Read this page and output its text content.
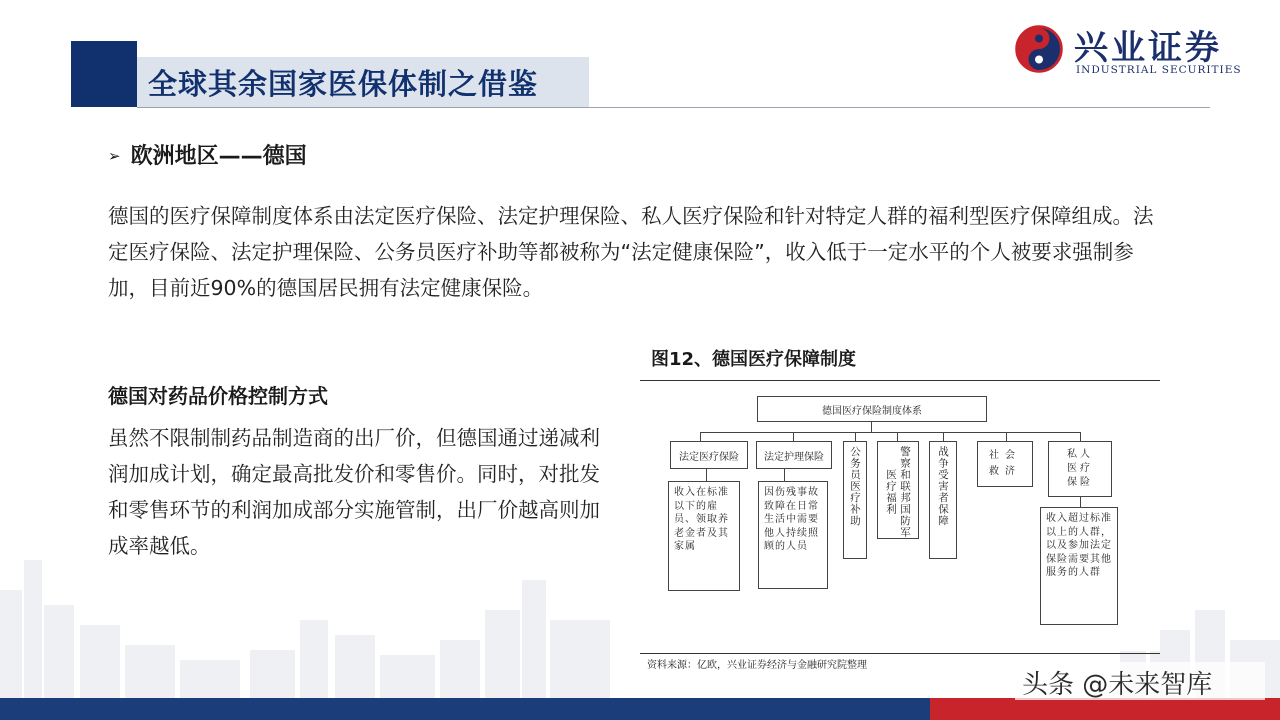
全球其余国家医保体制之借鉴
兴业证券
INDUSTRIAL SECURITIES
➢ 欧洲地区——德国
德国的医疗保障制度体系由法定医疗保险、法定护理保险、私人医疗保险和针对特定人群的福利型医疗保障组成。法定医疗保险、法定护理保险、公务员医疗补助等都被称为“法定健康保险”，收入低于一定水平的个人被要求强制参加，目前近90%的德国居民拥有法定健康保险。
德国对药品价格控制方式
虽然不限制制药品制造商的出厂价，但德国通过递减利润加成计划，确定最高批发价和零售价。同时，对批发和零售环节的利润加成部分实施管制，出厂价越高则加成率越低。
图12、德国医疗保障制度
德国医疗保险制度体系
法定医疗保险
收入在标准以下的雇员、领取养老金者及其家属
法定护理保险
因伤残事故致障在日常生活中需要他人持续照顾的人员
公务员医疗补助	警察和联邦国防军医疗福利	战争受害者保障	社会救济
私人医疗保险
收入超过标准以上的人群，以及参加法定保险需要其他服务的人群
资料来源：亿欧，兴业证券经济与金融研究院整理
头条 @未来智库
